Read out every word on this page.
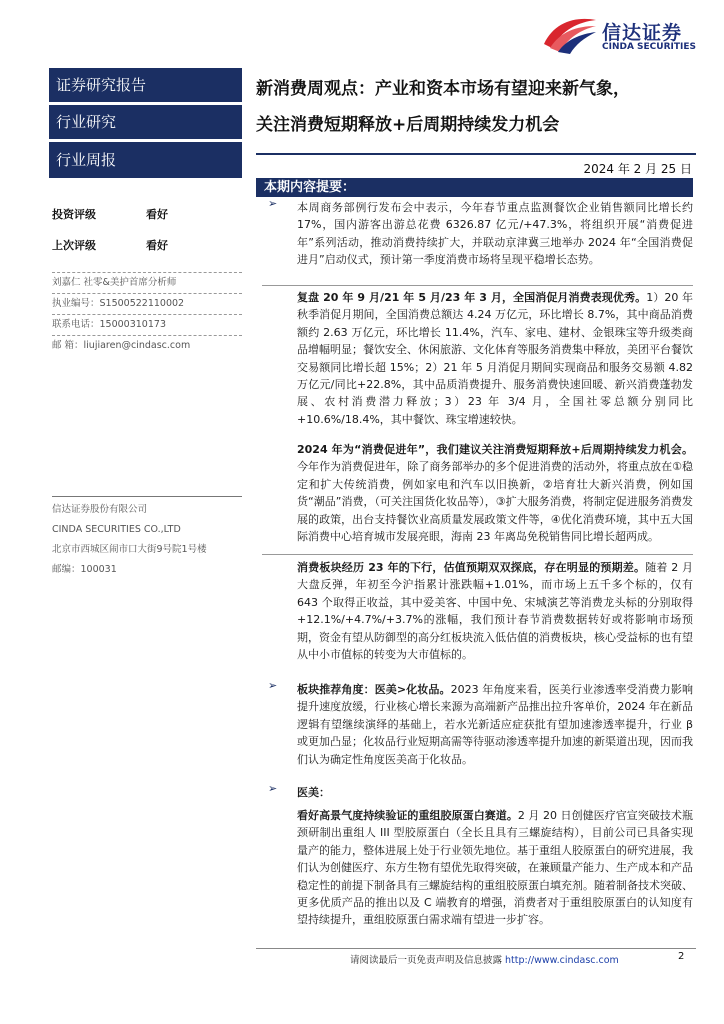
信达证券
CINDA SECURITIES
证券研究报告
行业研究
行业周报
投资评级	看好
上次评级	看好
刘嘉仁 社零&美护首席分析师
执业编号：S1500522110002
联系电话：15000310173
邮 箱：liujiaren@cindasc.com
信达证券股份有限公司
CINDA SECURITIES CO.,LTD
北京市西城区闹市口大街9号院1号楼
邮编：100031
新消费周观点：产业和资本市场有望迎来新气象，
关注消费短期释放+后周期持续发力机会
2024 年 2 月 25 日
本期内容提要：
➢ 本周商务部例行发布会中表示，今年春节重点监测餐饮企业销售额同比增长约 17%，国内游客出游总花费 6326.87 亿元/+47.3%，将组织开展“消费促进年”系列活动，推动消费持续扩大，并联动京津冀三地举办 2024 年“全国消费促进月”启动仪式，预计第一季度消费市场将呈现平稳增长态势。
复盘 20 年 9 月/21 年 5 月/23 年 3 月，全国消促月消费表现优秀。1）20 年秋季消促月期间，全国消费总额达 4.24 万亿元，环比增长 8.7%，其中商品消费额约 2.63 万亿元，环比增长 11.4%，汽车、家电、建材、金银珠宝等升级类商品增幅明显；餐饮安全、休闲旅游、文化体育等服务消费集中释放，美团平台餐饮交易额同比增长超 15%；2）21 年 5 月消促月期间实现商品和服务交易额 4.82 万亿元/同比+22.8%，其中品质消费提升、服务消费快速回暖、新兴消费蓬勃发展、农村消费潜力释放；3）23 年 3/4 月，全国社零总额分别同比+10.6%/18.4%，其中餐饮、珠宝增速较快。
2024 年为“消费促进年”，我们建议关注消费短期释放+后周期持续发力机会。今年作为消费促进年，除了商务部举办的多个促进消费的活动外，将重点放在①稳定和扩大传统消费，例如家电和汽车以旧换新，②培育壮大新兴消费，例如国货“潮品”消费，（可关注国货化妆品等），③扩大服务消费，将制定促进服务消费发展的政策，出台支持餐饮业高质量发展政策文件等，④优化消费环境，其中五大国际消费中心培育城市发展亮眼，海南 23 年离岛免税销售同比增长超两成。
消费板块经历 23 年的下行，估值预期双双探底，存在明显的预期差。随着 2 月大盘反弹，年初至今沪指累计涨跌幅+1.01%，而市场上五千多个标的，仅有 643 个取得正收益，其中爱美客、中国中免、宋城演艺等消费龙头标的分别取得+12.1%/+4.7%/+3.7%的涨幅，我们预计春节消费数据转好或将影响市场预期，资金有望从防御型的高分红板块流入低估值的消费板块，核心受益标的也有望从中小市值标的转变为大市值标的。
➢ 板块推荐角度：医美>化妆品。2023 年角度来看，医美行业渗透率受消费力影响提升速度放缓，行业核心增长来源为高端新产品推出拉升客单价，2024 年在新品逻辑有望继续演绎的基础上，若水光新适应症获批有望加速渗透率提升，行业 β 或更加凸显；化妆品行业短期高需等待驱动渗透率提升加速的新渠道出现，因而我们认为确定性角度医美高于化妆品。
➢ 医美：
看好高景气度持续验证的重组胶原蛋白赛道。2 月 20 日创健医疗官宣突破技术瓶颈研制出重组人 III 型胶原蛋白（全长且具有三螺旋结构），目前公司已具备实现量产的能力，整体进展上处于行业领先地位。基于重组人胶原蛋白的研究进展，我们认为创健医疗、东方生物有望优先取得突破，在兼顾量产能力、生产成本和产品稳定性的前提下制备具有三螺旋结构的重组胶原蛋白填充剂。随着制备技术突破、更多优质产品的推出以及 C 端教育的增强，消费者对于重组胶原蛋白的认知度有望持续提升，重组胶原蛋白需求端有望进一步扩容。
请阅读最后一页免责声明及信息披露 http://www.cindasc.com	2
